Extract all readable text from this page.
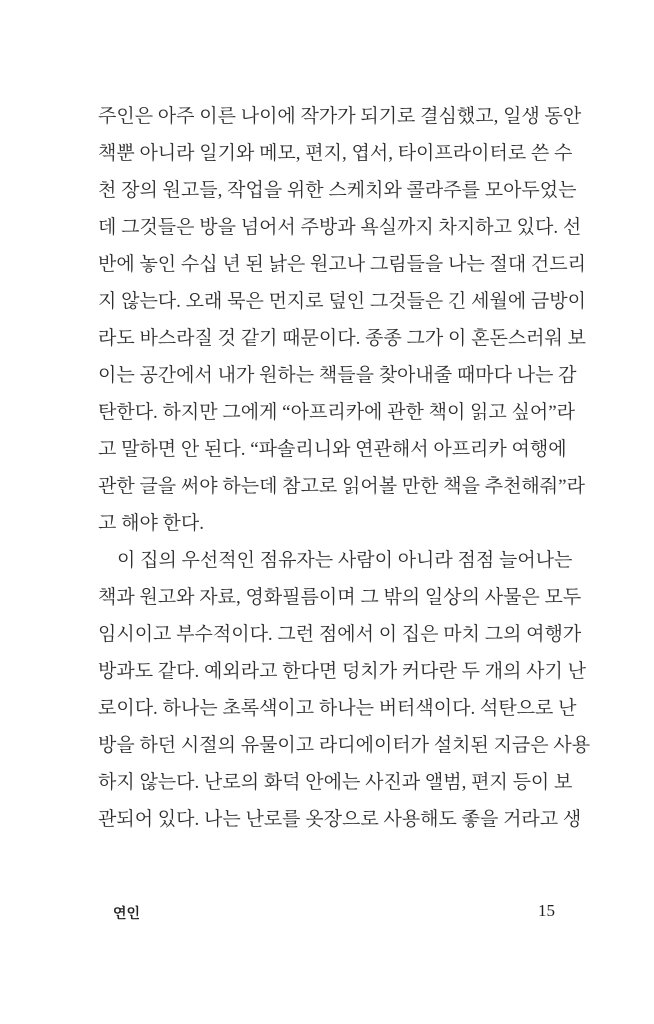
주인은 아주 이른 나이에 작가가 되기로 결심했고, 일생 동안
책뿐 아니라 일기와 메모, 편지, 엽서, 타이프라이터로 쓴 수
천 장의 원고들, 작업을 위한 스케치와 콜라주를 모아두었는
데 그것들은 방을 넘어서 주방과 욕실까지 차지하고 있다. 선
반에 놓인 수십 년 된 낡은 원고나 그림들을 나는 절대 건드리
지 않는다. 오래 묵은 먼지로 덮인 그것들은 긴 세월에 금방이
라도 바스라질 것 같기 때문이다. 종종 그가 이 혼돈스러워 보
이는 공간에서 내가 원하는 책들을 찾아내줄 때마다 나는 감
탄한다. 하지만 그에게 “아프리카에 관한 책이 읽고 싶어”라
고 말하면 안 된다. “파솔리니와 연관해서 아프리카 여행에
관한 글을 써야 하는데 참고로 읽어볼 만한 책을 추천해줘”라
고 해야 한다.
이 집의 우선적인 점유자는 사람이 아니라 점점 늘어나는
책과 원고와 자료, 영화필름이며 그 밖의 일상의 사물은 모두
임시이고 부수적이다. 그런 점에서 이 집은 마치 그의 여행가
방과도 같다. 예외라고 한다면 덩치가 커다란 두 개의 사기 난
로이다. 하나는 초록색이고 하나는 버터색이다. 석탄으로 난
방을 하던 시절의 유물이고 라디에이터가 설치된 지금은 사용
하지 않는다. 난로의 화덕 안에는 사진과 앨범, 편지 등이 보
관되어 있다. 나는 난로를 옷장으로 사용해도 좋을 거라고 생
연인	15
